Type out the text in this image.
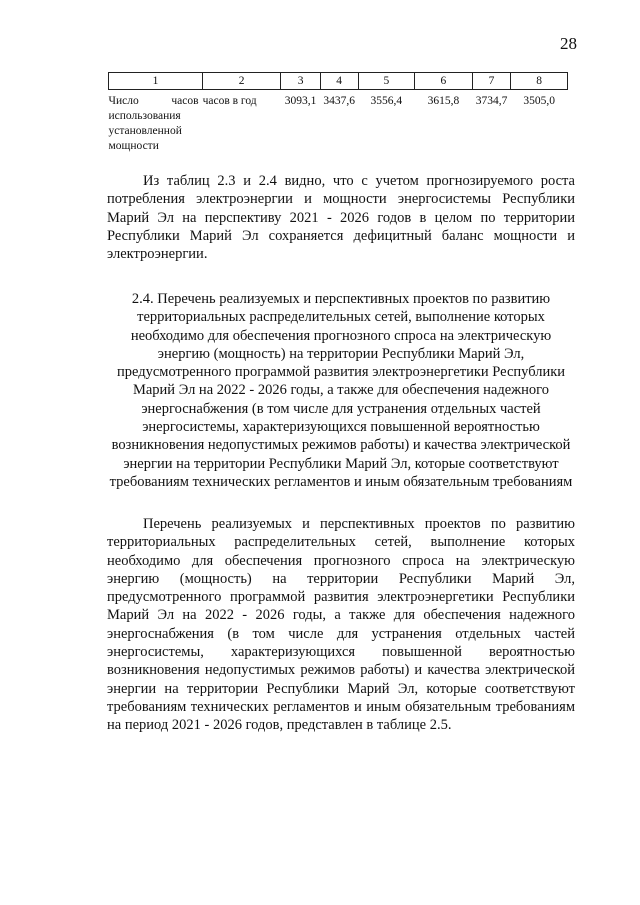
28
1	2	3	4	5	6	7	8
Число часов использования установленной мощности	часов в год	3093,1	3437,6	3556,4	3615,8	3734,7	3505,0

Из таблиц 2.3 и 2.4 видно, что с учетом прогнозируемого роста потребления электроэнергии и мощности энергосистемы Республики Марий Эл на перспективу 2021 - 2026 годов в целом по территории Республики Марий Эл сохраняется дефицитный баланс мощности и электроэнергии.

2.4. Перечень реализуемых и перспективных проектов по развитию территориальных распределительных сетей, выполнение которых необходимо для обеспечения прогнозного спроса на электрическую энергию (мощность) на территории Республики Марий Эл, предусмотренного программой развития электроэнергетики Республики Марий Эл на 2022 - 2026 годы, а также для обеспечения надежного энергоснабжения (в том числе для устранения отдельных частей энергосистемы, характеризующихся повышенной вероятностью возникновения недопустимых режимов работы) и качества электрической энергии на территории Республики Марий Эл, которые соответствуют требованиям технических регламентов и иным обязательным требованиям

Перечень реализуемых и перспективных проектов по развитию территориальных распределительных сетей, выполнение которых необходимо для обеспечения прогнозного спроса на электрическую энергию (мощность) на территории Республики Марий Эл, предусмотренного программой развития электроэнергетики Республики Марий Эл на 2022 - 2026 годы, а также для обеспечения надежного энергоснабжения (в том числе для устранения отдельных частей энергосистемы, характеризующихся повышенной вероятностью возникновения недопустимых режимов работы) и качества электрической энергии на территории Республики Марий Эл, которые соответствуют требованиям технических регламентов и иным обязательным требованиям на период 2021 - 2026 годов, представлен в таблице 2.5.
